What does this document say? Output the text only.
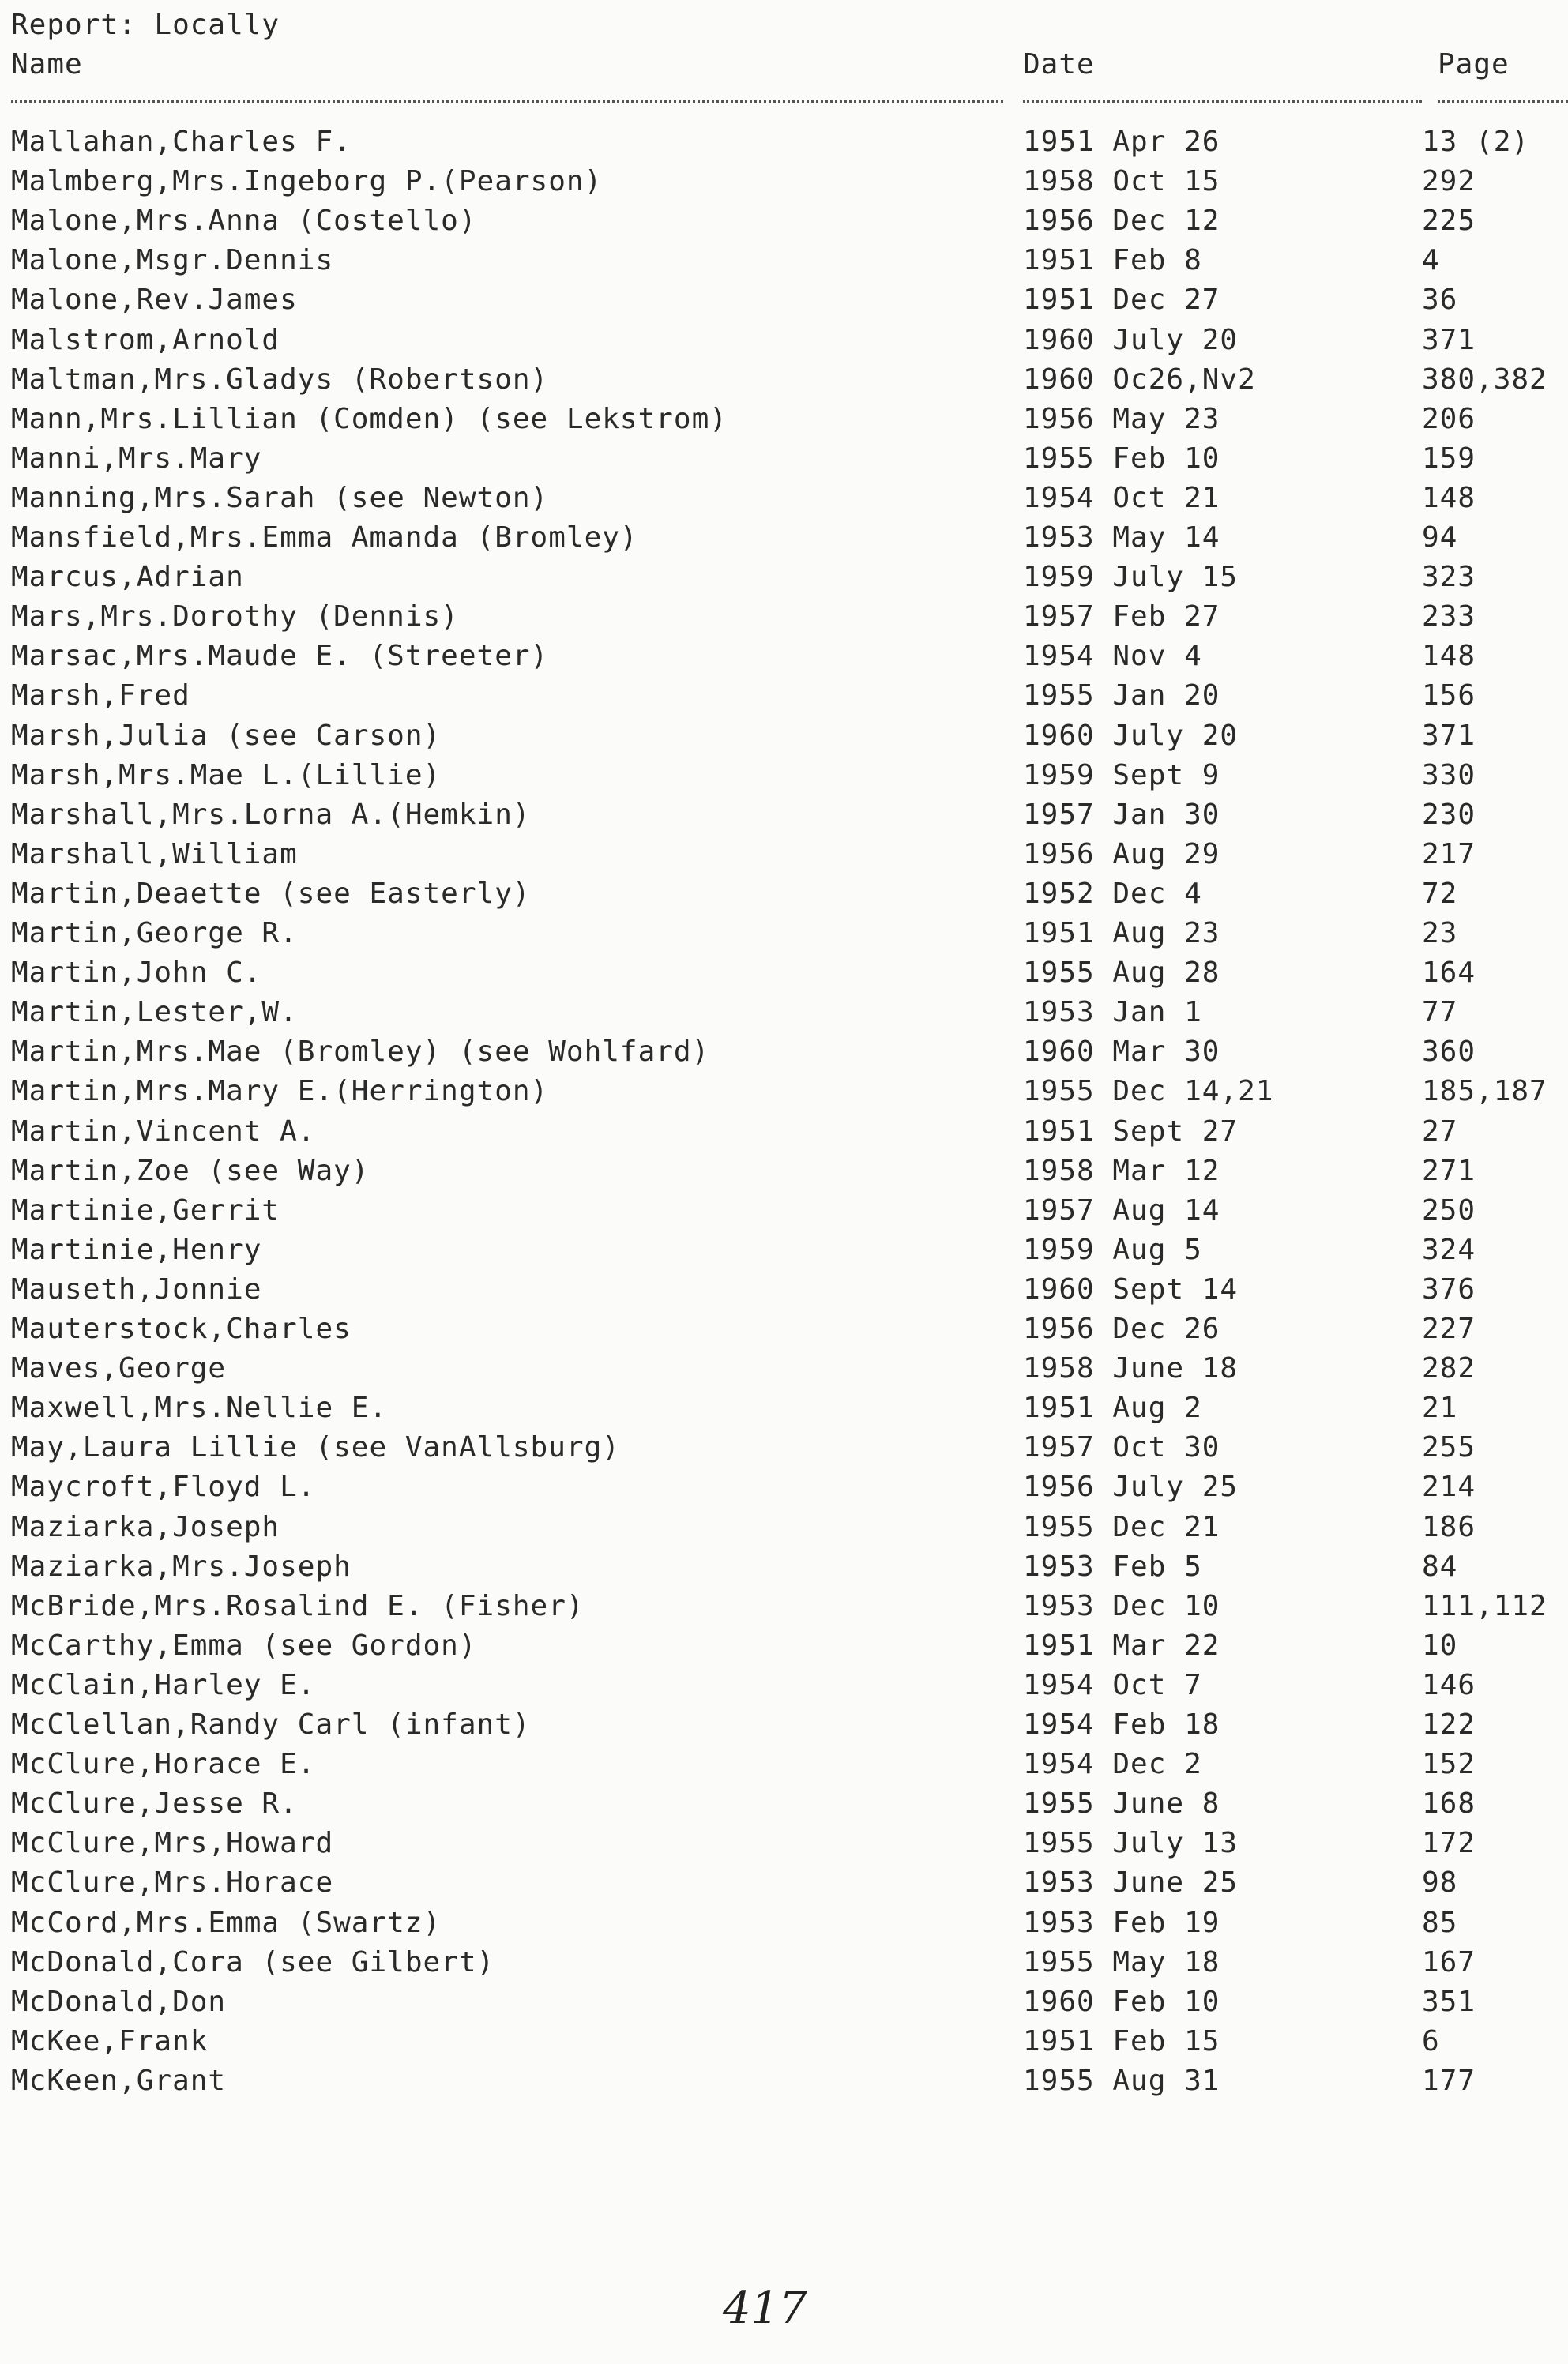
Report: Locally
Name	Date	Page
Mallahan,Charles F.	1951 Apr 26	13 (2)
Malmberg,Mrs.Ingeborg P.(Pearson)	1958 Oct 15	292
Malone,Mrs.Anna (Costello)	1956 Dec 12	225
Malone,Msgr.Dennis	1951 Feb 8	4
Malone,Rev.James	1951 Dec 27	36
Malstrom,Arnold	1960 July 20	371
Maltman,Mrs.Gladys (Robertson)	1960 Oc26,Nv2	380,382
Mann,Mrs.Lillian (Comden) (see Lekstrom)	1956 May 23	206
Manni,Mrs.Mary	1955 Feb 10	159
Manning,Mrs.Sarah (see Newton)	1954 Oct 21	148
Mansfield,Mrs.Emma Amanda (Bromley)	1953 May 14	94
Marcus,Adrian	1959 July 15	323
Mars,Mrs.Dorothy (Dennis)	1957 Feb 27	233
Marsac,Mrs.Maude E. (Streeter)	1954 Nov 4	148
Marsh,Fred	1955 Jan 20	156
Marsh,Julia (see Carson)	1960 July 20	371
Marsh,Mrs.Mae L.(Lillie)	1959 Sept 9	330
Marshall,Mrs.Lorna A.(Hemkin)	1957 Jan 30	230
Marshall,William	1956 Aug 29	217
Martin,Deaette (see Easterly)	1952 Dec 4	72
Martin,George R.	1951 Aug 23	23
Martin,John C.	1955 Aug 28	164
Martin,Lester,W.	1953 Jan 1	77
Martin,Mrs.Mae (Bromley) (see Wohlfard)	1960 Mar 30	360
Martin,Mrs.Mary E.(Herrington)	1955 Dec 14,21	185,187
Martin,Vincent A.	1951 Sept 27	27
Martin,Zoe (see Way)	1958 Mar 12	271
Martinie,Gerrit	1957 Aug 14	250
Martinie,Henry	1959 Aug 5	324
Mauseth,Jonnie	1960 Sept 14	376
Mauterstock,Charles	1956 Dec 26	227
Maves,George	1958 June 18	282
Maxwell,Mrs.Nellie E.	1951 Aug 2	21
May,Laura Lillie (see VanAllsburg)	1957 Oct 30	255
Maycroft,Floyd L.	1956 July 25	214
Maziarka,Joseph	1955 Dec 21	186
Maziarka,Mrs.Joseph	1953 Feb 5	84
McBride,Mrs.Rosalind E. (Fisher)	1953 Dec 10	111,112
McCarthy,Emma (see Gordon)	1951 Mar 22	10
McClain,Harley E.	1954 Oct 7	146
McClellan,Randy Carl (infant)	1954 Feb 18	122
McClure,Horace E.	1954 Dec 2	152
McClure,Jesse R.	1955 June 8	168
McClure,Mrs,Howard	1955 July 13	172
McClure,Mrs.Horace	1953 June 25	98
McCord,Mrs.Emma (Swartz)	1953 Feb 19	85
McDonald,Cora (see Gilbert)	1955 May 18	167
McDonald,Don	1960 Feb 10	351
McKee,Frank	1951 Feb 15	6
McKeen,Grant	1955 Aug 31	177
417
